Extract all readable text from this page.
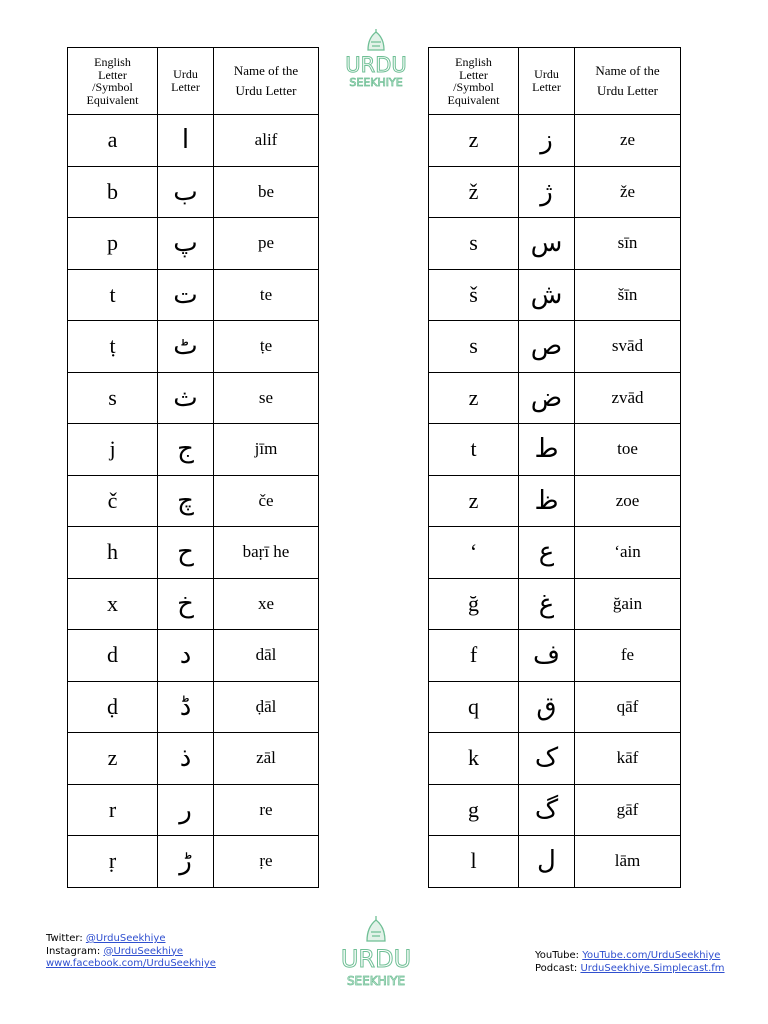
English
Letter
/Symbol
Equivalent	Urdu
Letter	Name of the
Urdu Letter
a	ا	alif
b	ب	be
p	پ	pe
t	ت	te
ṭ	ٹ	ṭe
s	ث	se
j	ج	jīm
č	چ	če
h	ح	baṛī he
x	خ	xe
d	د	dāl
ḍ	ڈ	ḍāl
z	ذ	zāl
r	ر	re
ṛ	ڑ	ṛe
English
Letter
/Symbol
Equivalent	Urdu
Letter	Name of the
Urdu Letter
z	ز	ze
ž	ژ	že
s	س	sīn
š	ش	šīn
s	ص	svād
z	ض	zvād
t	ط	toe
z	ظ	zoe
‘	ع	‘ain
ğ	غ	ğain
f	ف	fe
q	ق	qāf
k	ک	kāf
g	گ	gāf
l	ل	lām
URDU
SEEKHIYE
URDU
SEEKHIYE
Twitter: @UrduSeekhiye
Instagram: @UrduSeekhiye
www.facebook.com/UrduSeekhiye
YouTube: YouTube.com/UrduSeekhiye
Podcast: UrduSeekhiye.Simplecast.fm
